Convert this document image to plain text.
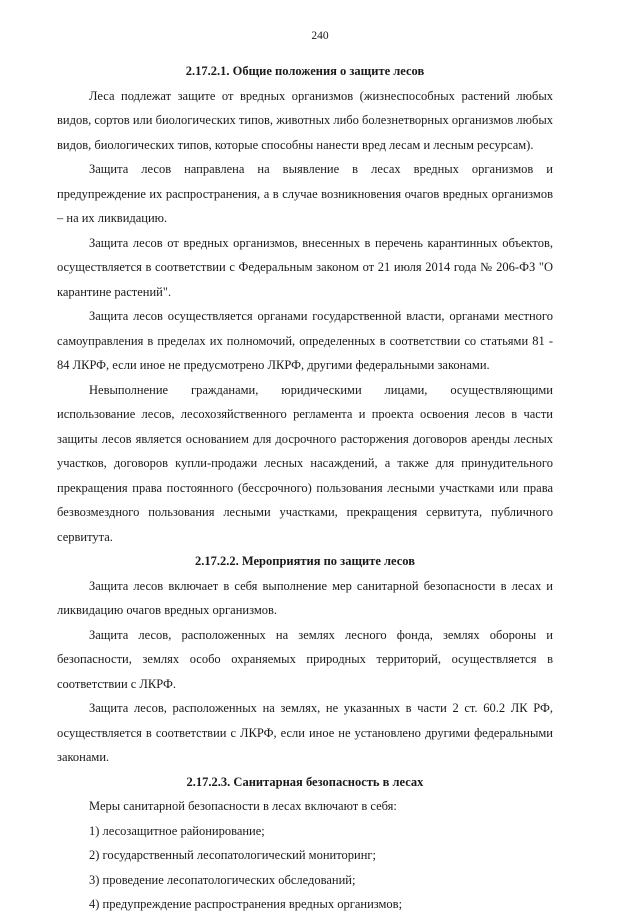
240
2.17.2.1. Общие положения о защите лесов

Леса подлежат защите от вредных организмов (жизнеспособных растений любых видов, сортов или биологических типов, животных либо болезнетворных организмов любых видов, биологических типов, которые способны нанести вред лесам и лесным ресурсам).

Защита лесов направлена на выявление в лесах вредных организмов и предупреждение их распространения, а в случае возникновения очагов вредных организмов – на их ликвидацию.

Защита лесов от вредных организмов, внесенных в перечень карантинных объектов, осуществляется в соответствии с Федеральным законом от 21 июля 2014 года № 206-ФЗ "О карантине растений".

Защита лесов осуществляется органами государственной власти, органами местного самоуправления в пределах их полномочий, определенных в соответствии со статьями 81 - 84 ЛКРФ, если иное не предусмотрено ЛКРФ, другими федеральными законами.

Невыполнение гражданами, юридическими лицами, осуществляющими использование лесов, лесохозяйственного регламента и проекта освоения лесов в части защиты лесов является основанием для досрочного расторжения договоров аренды лесных участков, договоров купли-продажи лесных насаждений, а также для принудительного прекращения права постоянного (бессрочного) пользования лесными участками или права безвозмездного пользования лесными участками, прекращения сервитута, публичного сервитута.

2.17.2.2. Мероприятия по защите лесов

Защита лесов включает в себя выполнение мер санитарной безопасности в лесах и ликвидацию очагов вредных организмов.

Защита лесов, расположенных на землях лесного фонда, землях обороны и безопасности, землях особо охраняемых природных территорий, осуществляется в соответствии с ЛКРФ.

Защита лесов, расположенных на землях, не указанных в части 2 ст. 60.2 ЛК РФ, осуществляется в соответствии с ЛКРФ, если иное не установлено другими федеральными законами.

2.17.2.3. Санитарная безопасность в лесах

Меры санитарной безопасности в лесах включают в себя:

1) лесозащитное районирование;

2) государственный лесопатологический мониторинг;

3) проведение лесопатологических обследований;

4) предупреждение распространения вредных организмов;
